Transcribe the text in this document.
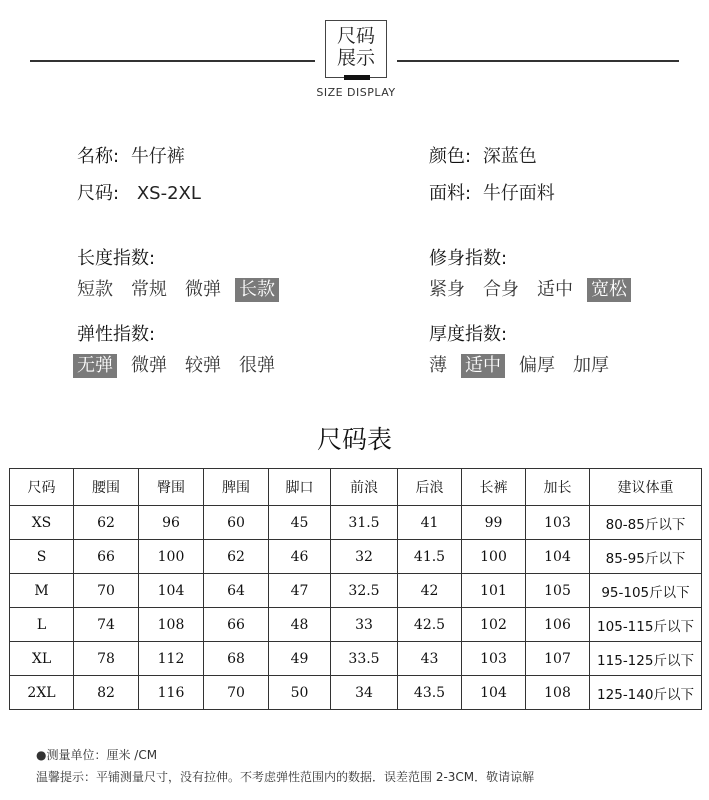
尺码
展示
SIZE DISPLAY
名称: 牛仔裤	颜色: 深蓝色
尺码: XS-2XL	面料: 牛仔面料
长度指数:
短款 常规 微弹 长款
修身指数:
紧身 合身 适中 宽松
弹性指数:
无弹 微弹 较弹 很弹
厚度指数:
薄 适中 偏厚 加厚
尺码表
尺码	腰围	臀围	脾围	脚口	前浪	后浪	长裤	加长	建议体重
XS	62	96	60	45	31.5	41	99	103	80-85斤以下
S	66	100	62	46	32	41.5	100	104	85-95斤以下
M	70	104	64	47	32.5	42	101	105	95-105斤以下
L	74	108	66	48	33	42.5	102	106	105-115斤以下
XL	78	112	68	49	33.5	43	103	107	115-125斤以下
2XL	82	116	70	50	34	43.5	104	108	125-140斤以下
●测量单位：厘米 /CM
温馨提示：平铺测量尺寸，没有拉伸。不考虑弹性范围内的数据．误差范围 2-3CM．敬请谅解
